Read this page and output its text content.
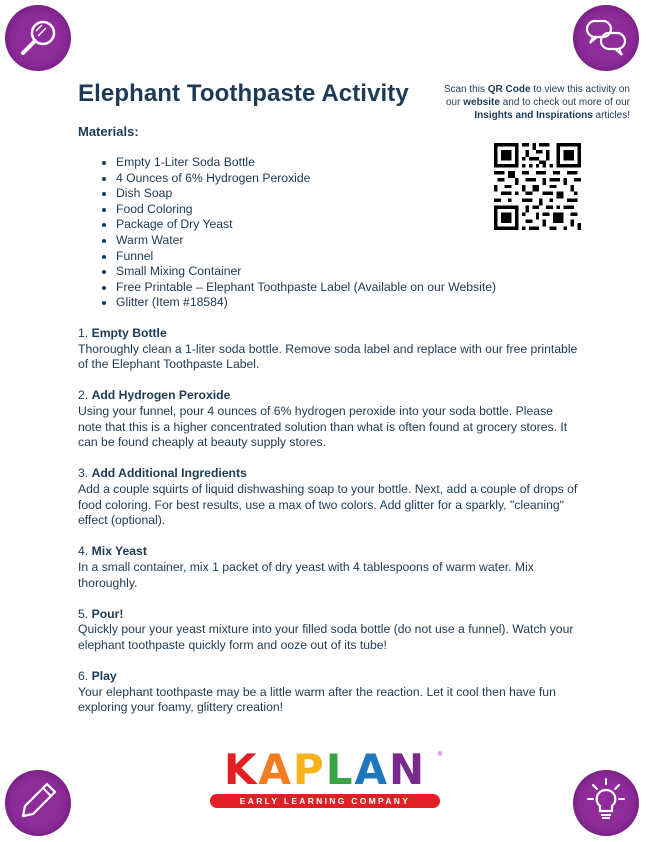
Elephant Toothpaste Activity	Scan this QR Code to view this activity on our website and to check out more of our Insights and Inspirations articles!
Materials:
• Empty 1-Liter Soda Bottle
• 4 Ounces of 6% Hydrogen Peroxide
• Dish Soap
• Food Coloring
• Package of Dry Yeast
• Warm Water
• Funnel
• Small Mixing Container
• Free Printable – Elephant Toothpaste Label (Available on our Website)
• Glitter (Item #18584)
1. Empty Bottle

Thoroughly clean a 1-liter soda bottle. Remove soda label and replace with our free printable of the Elephant Toothpaste Label.

2. Add Hydrogen Peroxide

Using your funnel, pour 4 ounces of 6% hydrogen peroxide into your soda bottle. Please note that this is a higher concentrated solution than what is often found at grocery stores. It can be found cheaply at beauty supply stores.

3. Add Additional Ingredients

Add a couple squirts of liquid dishwashing soap to your bottle. Next, add a couple of drops of food coloring. For best results, use a max of two colors. Add glitter for a sparkly, "cleaning" effect (optional).

4. Mix Yeast

In a small container, mix 1 packet of dry yeast with 4 tablespoons of warm water. Mix thoroughly.

5. Pour!

Quickly pour your yeast mixture into your filled soda bottle (do not use a funnel). Watch your elephant toothpaste quickly form and ooze out of its tube!

6. Play

Your elephant toothpaste may be a little warm after the reaction. Let it cool then have fun exploring your foamy, glittery creation!

KAPLAN	®
EARLY LEARNING COMPANY
